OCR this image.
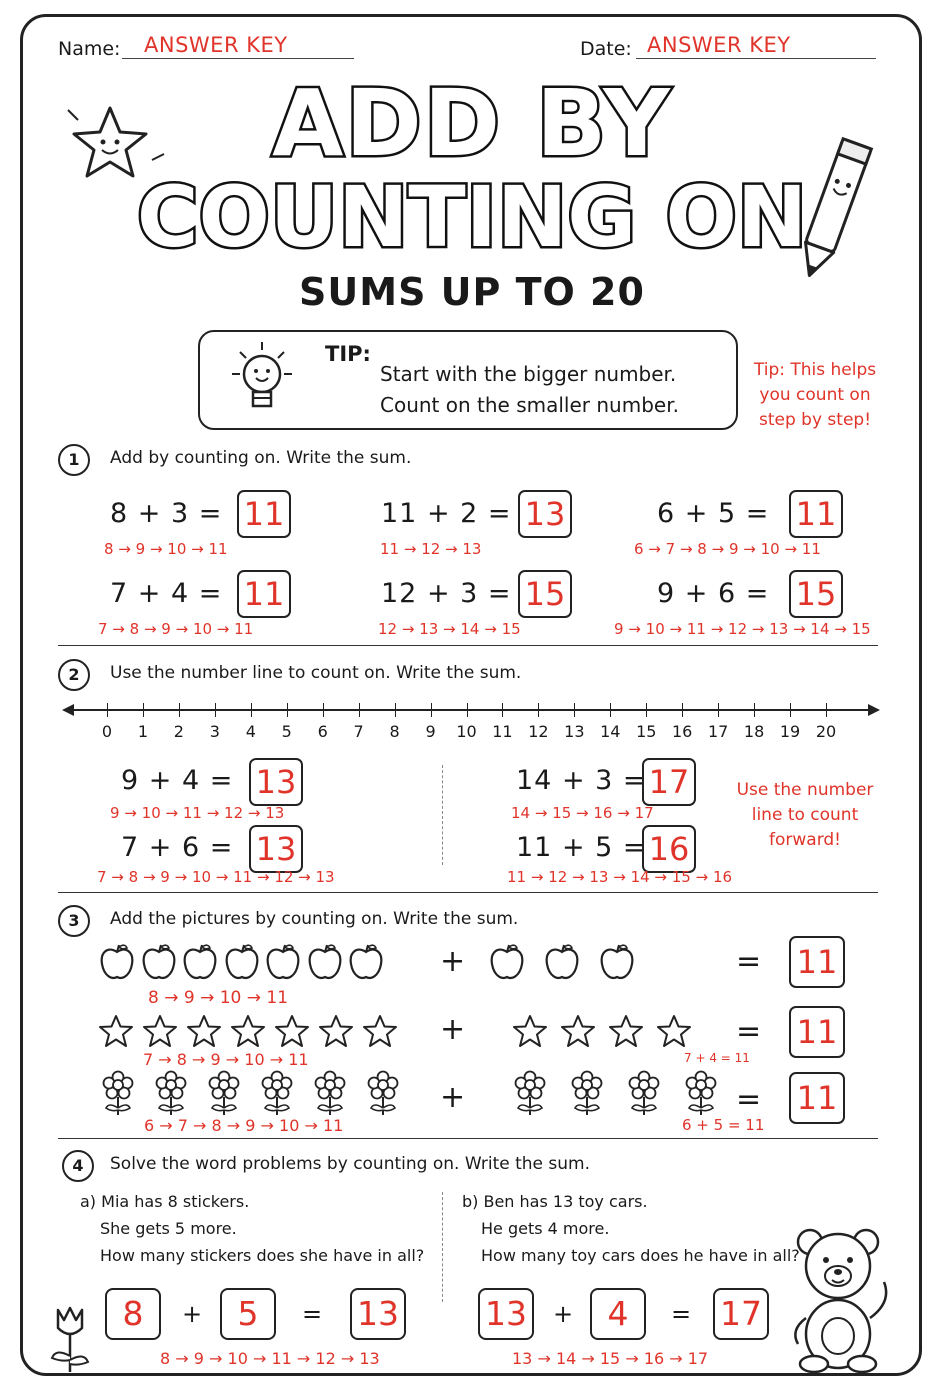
Name: ANSWER KEY	Date: ANSWER KEY
ADD BY
COUNTING ON
SUMS UP TO 20
TIP:
Start with the bigger number.
Count on the smaller number.
Tip: This helps
you count on
step by step!
1	Add by counting on. Write the sum.
8 + 3 = 11
8 → 9 → 10 → 11
11 + 2 = 13
11 → 12 → 13
6 + 5 = 11
6 → 7 → 8 → 9 → 10 → 11
7 + 4 = 11
7 → 8 → 9 → 10 → 11
12 + 3 = 15
12 → 13 → 14 → 15
9 + 6 = 15
9 → 10 → 11 → 12 → 13 → 14 → 15
2	Use the number line to count on. Write the sum.
0	1	2	3	4	5	6	7	8	9	10 11 12 13 14 15 16 17 18 19 20
9 + 4 = 13
9 → 10 → 11 → 12 → 13
7 + 6 = 13
7 → 8 → 9 → 10 → 11 → 12 → 13
14 + 3 = 17
14 → 15 → 16 → 17
11 + 5 = 16
11 → 12 → 13 → 14 → 15 → 16
Use the number
line to count
forward!
3	Add the pictures by counting on. Write the sum.
+	= 11
8 → 9 → 10 → 11
+	= 11
7 → 8 → 9 → 10 → 11	7 + 4 = 11
+	= 11
6 → 7 → 8 → 9 → 10 → 11	6 + 5 = 11
4	Solve the word problems by counting on. Write the sum.
a) Mia has 8 stickers.
She gets 5 more.
How many stickers does she have in all?
b) Ben has 13 toy cars.
He gets 4 more.
How many toy cars does he have in all?
8	+	5	= 13
8 → 9 → 10 → 11 → 12 → 13
13 +	4	= 17
13 → 14 → 15 → 16 → 17
